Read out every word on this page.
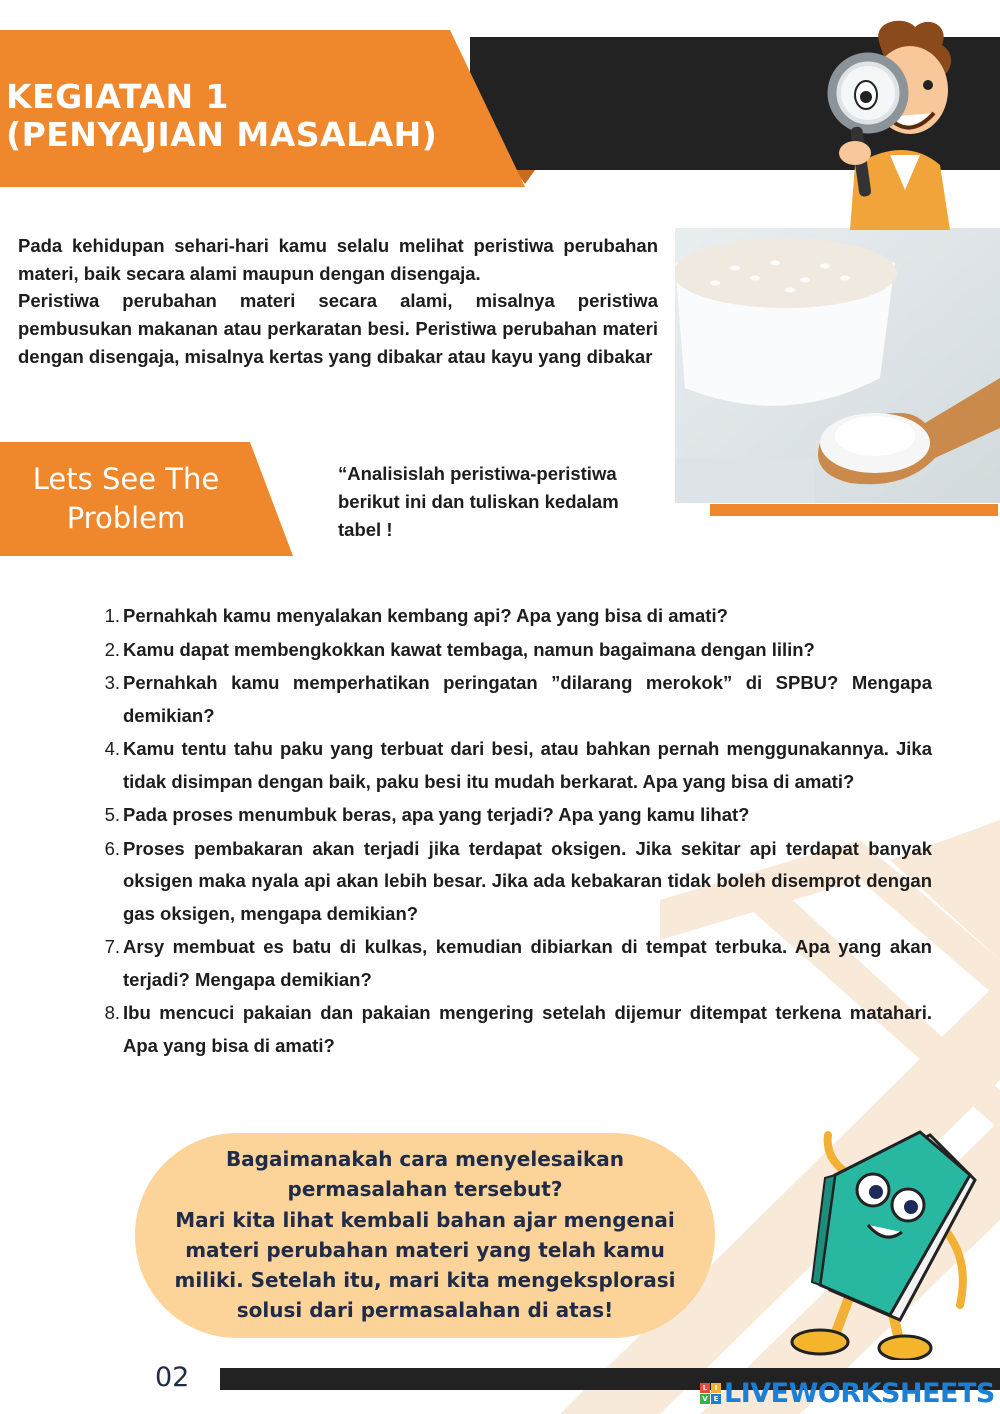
KEGIATAN 1
(PENYAJIAN MASALAH)

Pada kehidupan sehari-hari kamu selalu melihat peristiwa perubahan materi, baik secara alami maupun dengan disengaja.

Peristiwa perubahan materi secara alami, misalnya peristiwa pembusukan makanan atau perkaratan besi. Peristiwa perubahan materi dengan disengaja, misalnya kertas yang dibakar atau kayu yang dibakar

Lets See The
Problem
“Analisislah peristiwa-peristiwa berikut ini dan tuliskan kedalam tabel !
1. Pernahkah kamu menyalakan kembang api? Apa yang bisa di amati?
2. Kamu dapat membengkokkan kawat tembaga, namun bagaimana dengan lilin?
3. Pernahkah kamu memperhatikan peringatan ”dilarang merokok” di SPBU? Mengapa demikian?
4. Kamu tentu tahu paku yang terbuat dari besi, atau bahkan pernah menggunakannya. Jika tidak disimpan dengan baik, paku besi itu mudah berkarat. Apa yang bisa di amati?
5. Pada proses menumbuk beras, apa yang terjadi? Apa yang kamu lihat?
6. Proses pembakaran akan terjadi jika terdapat oksigen. Jika sekitar api terdapat banyak oksigen maka nyala api akan lebih besar. Jika ada kebakaran tidak boleh disemprot dengan gas oksigen, mengapa demikian?
7. Arsy membuat es batu di kulkas, kemudian dibiarkan di tempat terbuka. Apa yang akan terjadi? Mengapa demikian?
8. Ibu mencuci pakaian dan pakaian mengering setelah dijemur ditempat terkena matahari. Apa yang bisa di amati?
Bagaimanakah cara menyelesaikan
permasalahan tersebut?
Mari kita lihat kembali bahan ajar mengenai
materi perubahan materi yang telah kamu
miliki. Setelah itu, mari kita mengeksplorasi
solusi dari permasalahan di atas!
02	L	I
V E LIVEWORKSHEETS
